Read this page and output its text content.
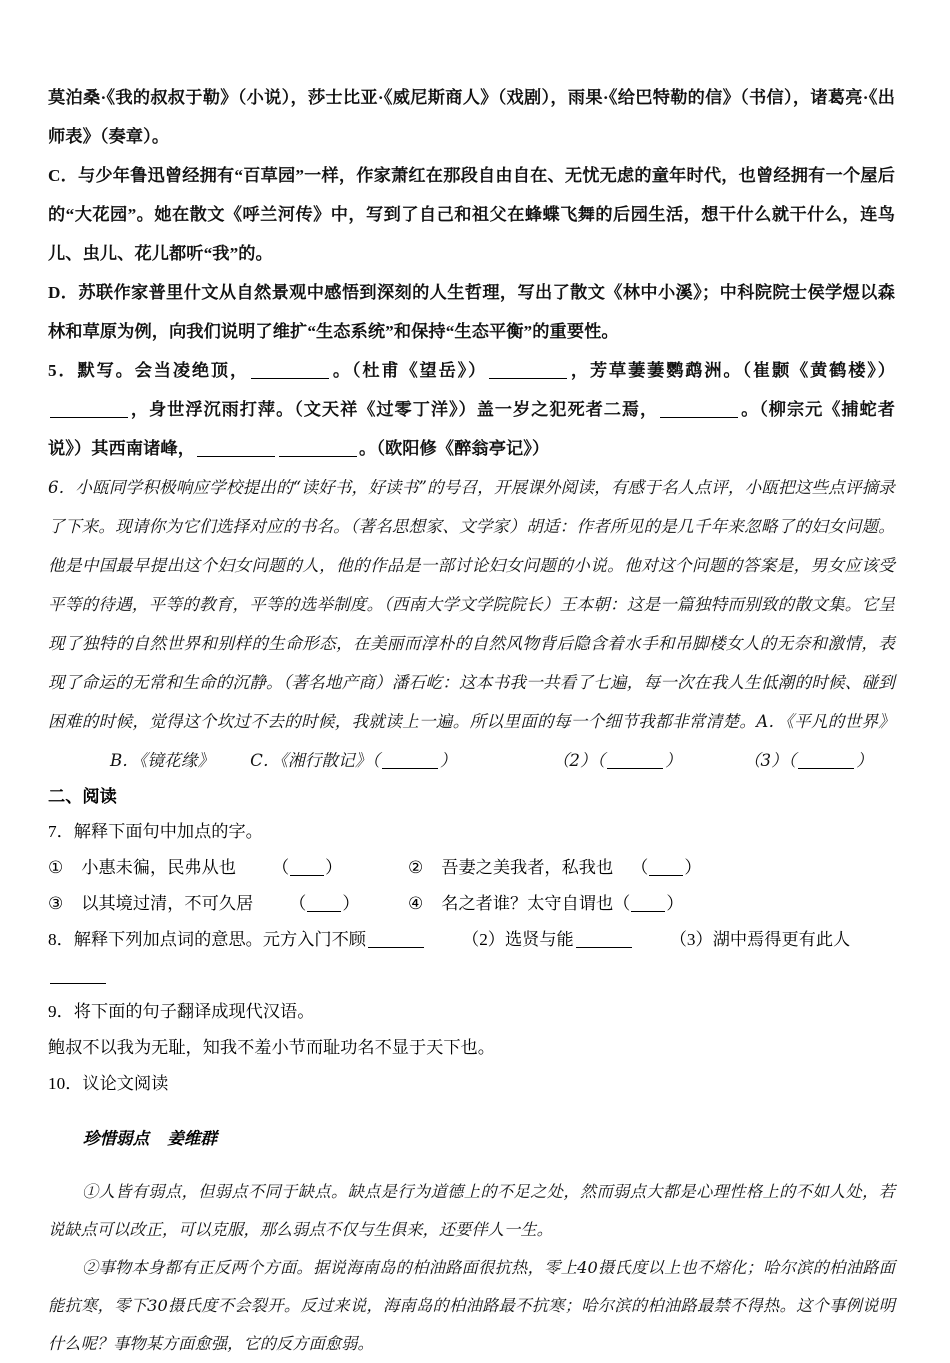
莫泊桑·《我的叔叔于勒》（小说），莎士比亚·《威尼斯商人》（戏剧），雨果·《给巴特勒的信》（书信），诸葛亮·《出师表》（奏章）。

C．与少年鲁迅曾经拥有“百草园”一样，作家萧红在那段自由自在、无忧无虑的童年时代，也曾经拥有一个屋后的“大花园”。她在散文《呼兰河传》中，写到了自己和祖父在蜂蝶飞舞的后园生活，想干什么就干什么，连鸟儿、虫儿、花儿都听“我”的。

D．苏联作家普里什文从自然景观中感悟到深刻的人生哲理，写出了散文《林中小溪》；中科院院士侯学煜以森林和草原为例，向我们说明了维扩“生态系统”和保持“生态平衡”的重要性。

5．默写。会当凌绝顶，	。（杜甫《望岳》）	，芳草萋萋鹦鹉洲。（崔颢《黄鹤楼》），身世浮沉雨打萍。（文天祥《过零丁洋》）盖一岁之犯死者二焉，	。（柳宗元《捕蛇者说》）其西南诸峰，	。（欧阳修《醉翁亭记》）

6．小瓯同学积极响应学校提出的“读好书，好读书”的号召，开展课外阅读，有感于名人点评，小瓯把这些点评摘录了下来。现请你为它们选择对应的书名。（著名思想家、文学家）胡适：作者所见的是几千年来忽略了的妇女问题。他是中国最早提出这个妇女问题的人，他的作品是一部讨论妇女问题的小说。他对这个问题的答案是，男女应该受平等的待遇，平等的教育，平等的选举制度。（西南大学文学院院长）王本朝：这是一篇独特而别致的散文集。它呈现了独特的自然世界和别样的生命形态，在美丽而淳朴的自然风物背后隐含着水手和吊脚楼女人的无奈和激情，表现了命运的无常和生命的沉静。（著名地产商）潘石屹：这本书我一共看了七遍，每一次在我人生低潮的时候、碰到困难的时候，觉得这个坎过不去的时候，我就读上一遍。所以里面的每一个细节我都非常清楚。A．《平凡的世界》B．《镜花缘》 C．《湘行散记》（	）	（2）（	）	（3）（	）

二、阅读

7．解释下面句中加点的字。

① 小惠未徧，民弗从也 （ ）	② 吾妻之美我者，私我也 （ ）
③ 以其境过清，不可久居 （ ）	④ 名之者谁？太守自谓也（ ）

8．解释下列加点词的意思。元方入门不顾	（2）选贤与能	（3）湖中焉得更有此人

9．将下面的句子翻译成现代汉语。

鲍叔不以我为无耻，知我不羞小节而耻功名不显于天下也。

10．议论文阅读

珍惜弱点 姜维群

①人皆有弱点，但弱点不同于缺点。缺点是行为道德上的不足之处，然而弱点大都是心理性格上的不如人处，若说缺点可以改正，可以克服，那么弱点不仅与生俱来，还要伴人一生。

②事物本身都有正反两个方面。据说海南岛的柏油路面很抗热，零上40摄氏度以上也不熔化；哈尔滨的柏油路面能抗寒，零下30摄氏度不会裂开。反过来说，海南岛的柏油路最不抗寒；哈尔滨的柏油路最禁不得热。这个事例说明什么呢？事物某方面愈强，它的反方面愈弱。
